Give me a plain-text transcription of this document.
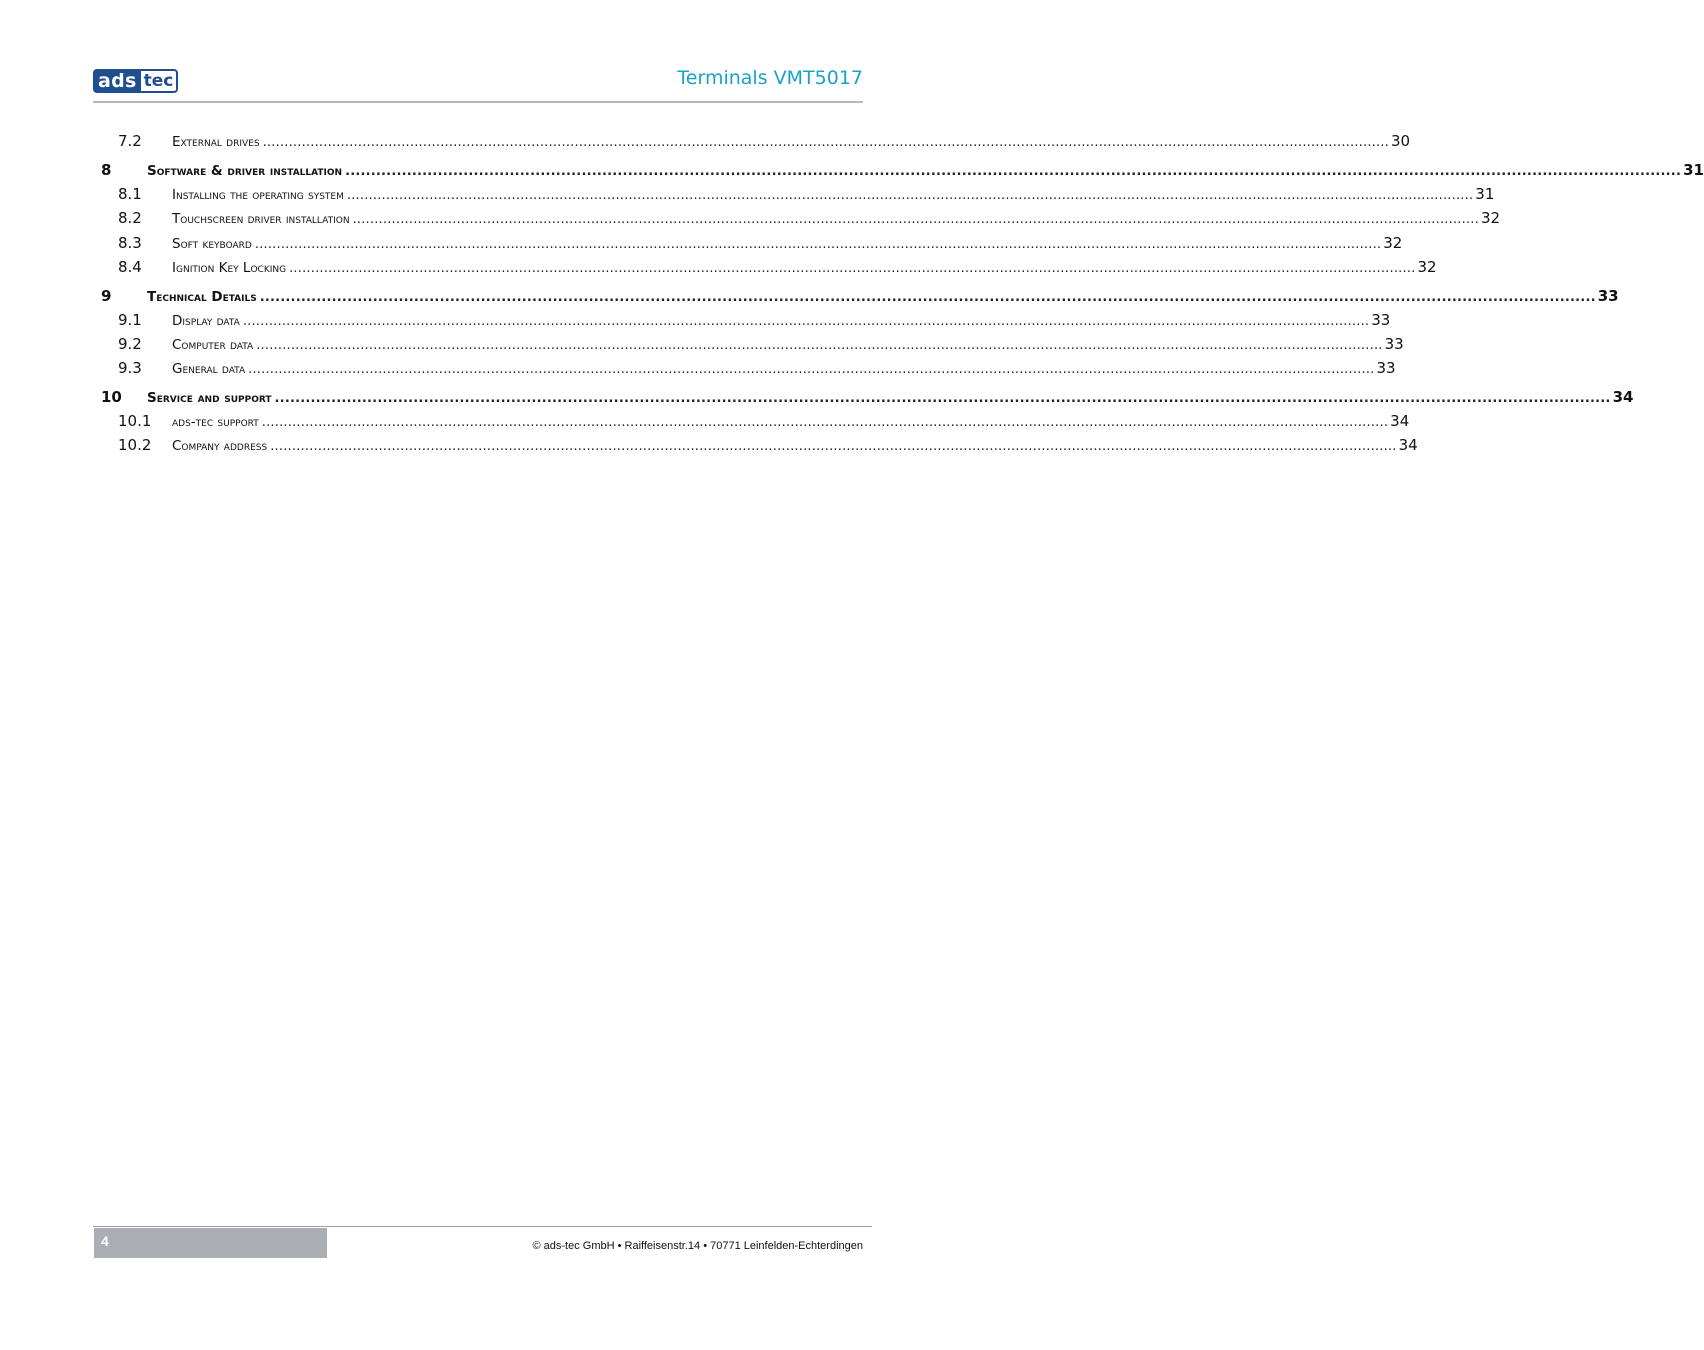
ads tec	Terminals VMT5017
7.2 External drives .................................................................................................................................................................................................................................................................... 30
8	Software & driver installation .................................................................................................................................................................................................................................................................... 31
8.1 Installing the operating system .................................................................................................................................................................................................................................................................... 31
8.2 Touchscreen driver installation .................................................................................................................................................................................................................................................................... 32
8.3 Soft keyboard .................................................................................................................................................................................................................................................................... 32
8.4 Ignition Key Locking .................................................................................................................................................................................................................................................................... 32
9	Technical Details .................................................................................................................................................................................................................................................................... 33
9.1 Display data .................................................................................................................................................................................................................................................................... 33
9.2 Computer data .................................................................................................................................................................................................................................................................... 33
9.3 General data .................................................................................................................................................................................................................................................................... 33
10 Service and support .................................................................................................................................................................................................................................................................... 34
10.1 ads-tec support .................................................................................................................................................................................................................................................................... 34
10.2 Company address .................................................................................................................................................................................................................................................................... 34
4	© ads-tec GmbH • Raiffeisenstr.14 • 70771 Leinfelden-Echterdingen
